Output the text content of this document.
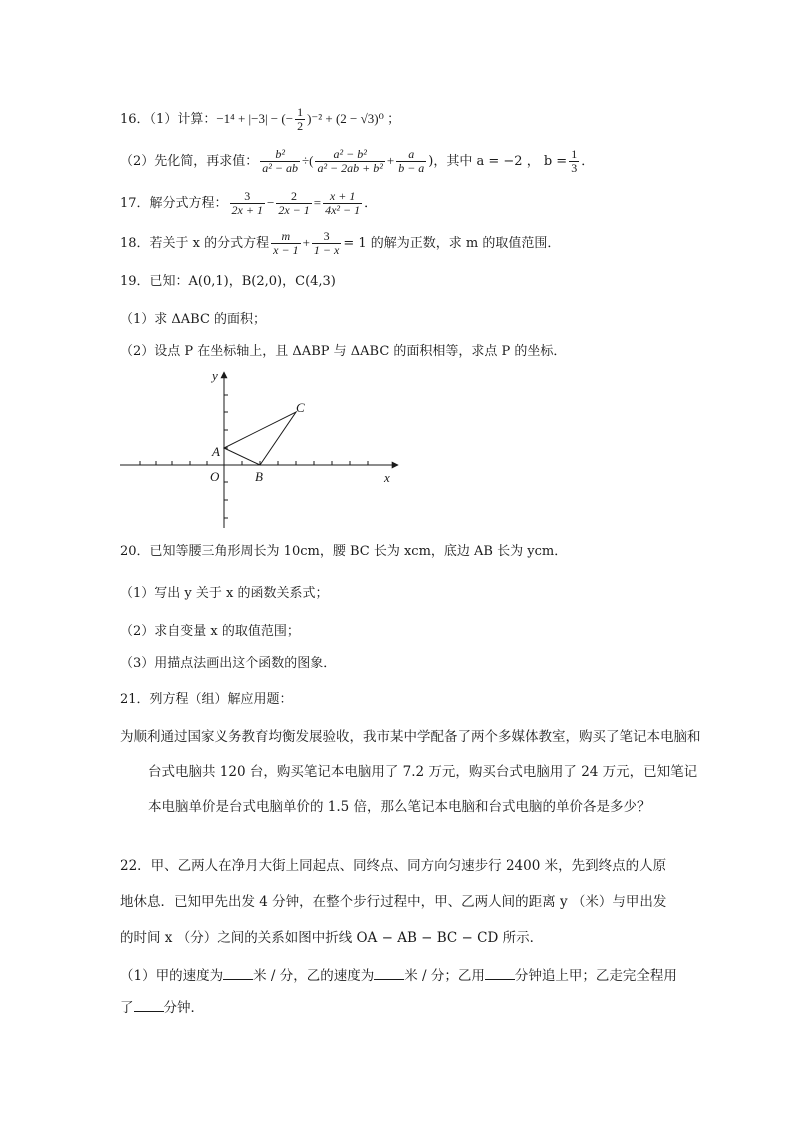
16．（1）计算：−1⁴ + |−3| − (− $\frac{1}{2} )^{-2} + (2 - √3)^0$ ；
（2）先化简，再求值： $\frac{\text{b²}}{\text{a² − ab}}$ ÷( $\frac{\text{a² − b²}}{\text{a² − 2ab + b²}} + \frac{a}{b - a}$ )，其中 a = −2 ， $b = \frac{1}{3}$ ．
17．解分式方程： $\frac{3}{2x + 1} - \frac{2}{2x - 1} = \frac{x + 1}{\text{4x² − 1}}$ ．
18．若关于 x 的分式方程 $\frac{m}{x - 1} + \frac{3}{1 - x} = 1$ 的解为正数，求 m 的取值范围．
19．已知：A(0,1)，B(2,0)，C(4,3)
（1）求 ΔABC 的面积；
（2）设点 P 在坐标轴上，且 ΔABP 与 ΔABC 的面积相等，求点 P 的坐标．
y
x
O
A
B
C
20．已知等腰三角形周长为 10cm，腰 BC 长为 xcm，底边 AB 长为 ycm．
（1）写出 y 关于 x 的函数关系式；
（2）求自变量 x 的取值范围；
（3）用描点法画出这个函数的图象．
21．列方程（组）解应用题：
为顺利通过国家义务教育均衡发展验收，我市某中学配备了两个多媒体教室，购买了笔记本电脑和台式电脑共 120 台，购买笔记本电脑用了 7.2 万元，购买台式电脑用了 24 万元，已知笔记本电脑单价是台式电脑单价的 1.5 倍，那么笔记本电脑和台式电脑的单价各是多少？
22．甲、乙两人在净月大街上同起点、同终点、同方向匀速步行 2400 米，先到终点的人原
地休息．已知甲先出发 4 分钟，在整个步行过程中，甲、乙两人间的距离 y （米）与甲出发
的时间 x （分）之间的关系如图中折线 OA − AB − BC − CD 所示．
（1）甲的速度为 米 / 分，乙的速度为 米 / 分；乙用 分钟追上甲；乙走完全程用
了 分钟．
